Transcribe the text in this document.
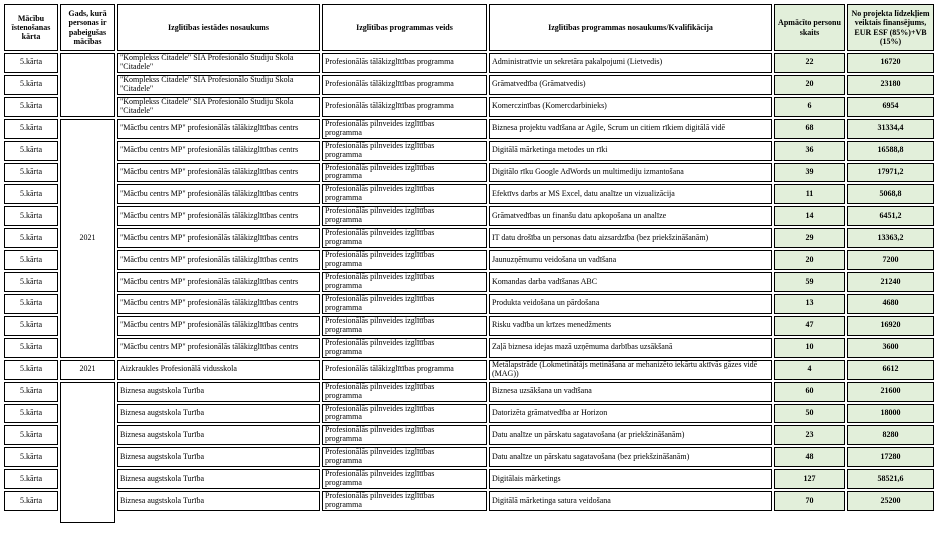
Mācību īstenošanas kārta	Gads, kurā personas ir pabeigušas mācības	Izglītības iestādes nosaukums	Izglītības programmas veids	Izglītības programmas nosaukums/Kvalifikācija	Apmācīto personu skaits	No projekta līdzekļiem veiktais finansējums, EUR ESF (85%)+VB (15%)
5.kārta		"Komplekss Citadele" SIA Profesionālo Studiju Skola "Citadele"	Profesionālās tālākizglītības programma	Administratīvie un sekretāra pakalpojumi (Lietvedis)	22	16720
5.kārta		"Komplekss Citadele" SIA Profesionālo Studiju Skola "Citadele"	Profesionālās tālākizglītības programma	Grāmatvedība (Grāmatvedis)	20	23180
5.kārta		"Komplekss Citadele" SIA Profesionālo Studiju Skola "Citadele"	Profesionālās tālākizglītības programma	Komerczinības (Komercdarbinieks)	6	6954
5.kārta	2021	"Mācību centrs MP" profesionālās tālākizglītības centrs	Profesionālās pilnveides izglītības programma	Biznesa projektu vadīšana ar Agile, Scrum un citiem rīkiem digitālā vidē	68	31334,4
5.kārta		"Mācību centrs MP" profesionālās tālākizglītības centrs	Profesionālās pilnveides izglītības programma	Digitālā mārketinga metodes un rīki	36	16588,8
5.kārta		"Mācību centrs MP" profesionālās tālākizglītības centrs	Profesionālās pilnveides izglītības programma	Digitālo rīku Google AdWords un multimediju izmantošana	39	17971,2
5.kārta		"Mācību centrs MP" profesionālās tālākizglītības centrs	Profesionālās pilnveides izglītības programma	Efektīvs darbs ar MS Excel, datu analīze un vizualizācija	11	5068,8
5.kārta		"Mācību centrs MP" profesionālās tālākizglītības centrs	Profesionālās pilnveides izglītības programma	Grāmatvedības un finanšu datu apkopošana un analīze	14	6451,2
5.kārta		"Mācību centrs MP" profesionālās tālākizglītības centrs	Profesionālās pilnveides izglītības programma	IT datu drošība un personas datu aizsardzība (bez priekšzināšanām)	29	13363,2
5.kārta		"Mācību centrs MP" profesionālās tālākizglītības centrs	Profesionālās pilnveides izglītības programma	Jaunuzņēmumu veidošana un vadīšana	20	7200
5.kārta		"Mācību centrs MP" profesionālās tālākizglītības centrs	Profesionālās pilnveides izglītības programma	Komandas darba vadīšanas ABC	59	21240
5.kārta		"Mācību centrs MP" profesionālās tālākizglītības centrs	Profesionālās pilnveides izglītības programma	Produkta veidošana un pārdošana	13	4680
5.kārta		"Mācību centrs MP" profesionālās tālākizglītības centrs	Profesionālās pilnveides izglītības programma	Risku vadība un krīzes menedžments	47	16920
5.kārta		"Mācību centrs MP" profesionālās tālākizglītības centrs	Profesionālās pilnveides izglītības programma	Zaļā biznesa idejas mazā uzņēmuma darbības uzsākšanā	10	3600
5.kārta	2021	Aizkraukles Profesionālā vidusskola	Profesionālās tālākizglītības programma	Metālapstrāde (Lokmetinātājs metināšana ar mehanizēto iekārtu aktīvās gāzes vidē (MAG))	4	6612
5.kārta		Biznesa augstskola Turība	Profesionālās pilnveides izglītības programma	Biznesa uzsākšana un vadīšana	60	21600
5.kārta		Biznesa augstskola Turība	Profesionālās pilnveides izglītības programma	Datorizēta grāmatvedība ar Horizon	50	18000
5.kārta		Biznesa augstskola Turība	Profesionālās pilnveides izglītības programma	Datu analīze un pārskatu sagatavošana (ar priekšzināšanām)	23	8280
5.kārta		Biznesa augstskola Turība	Profesionālās pilnveides izglītības programma	Datu analīze un pārskatu sagatavošana (bez priekšzināšanām)	48	17280
5.kārta		Biznesa augstskola Turība	Profesionālās pilnveides izglītības programma	Digitālais mārketings	127	58521,6
5.kārta		Biznesa augstskola Turība	Profesionālās pilnveides izglītības programma	Digitālā mārketinga satura veidošana	70	25200
